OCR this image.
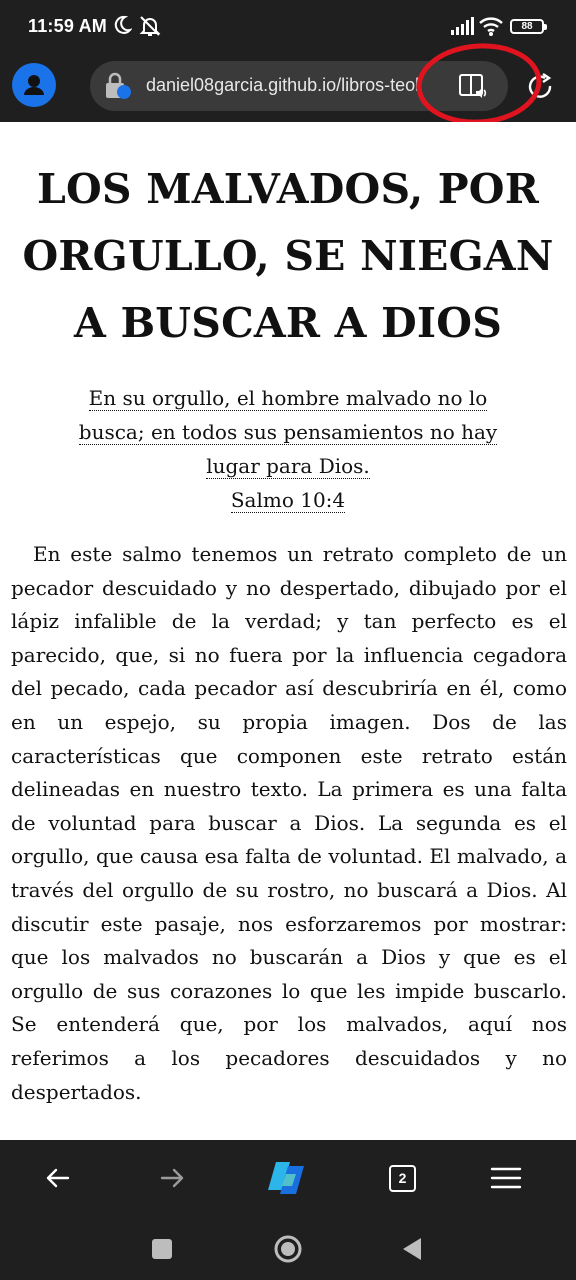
11:59 AM	88
daniel08garcia.github.io/libros-teol
LOS MALVADOS, POR ORGULLO, SE NIEGAN A BUSCAR A DIOS
En su orgullo, el hombre malvado no lo
busca; en todos sus pensamientos no hay
lugar para Dios.
Salmo 10:4

En este salmo tenemos un retrato completo de un pecador descuidado y no despertado, dibujado por el lápiz infalible de la verdad; y tan perfecto es el parecido, que, si no fuera por la influencia cegadora del pecado, cada pecador así descubriría en él, como en un espejo, su propia imagen. Dos de las características que componen este retrato están delineadas en nuestro texto. La primera es una falta de voluntad para buscar a Dios. La segunda es el orgullo, que causa esa falta de voluntad. El malvado, a través del orgullo de su rostro, no buscará a Dios. Al discutir este pasaje, nos esforzaremos por mostrar: que los malvados no buscarán a Dios y que es el orgullo de sus corazones lo que les impide buscarlo. Se entenderá que, por los malvados, aquí nos referimos a los pecadores descuidados y no despertados.

2
